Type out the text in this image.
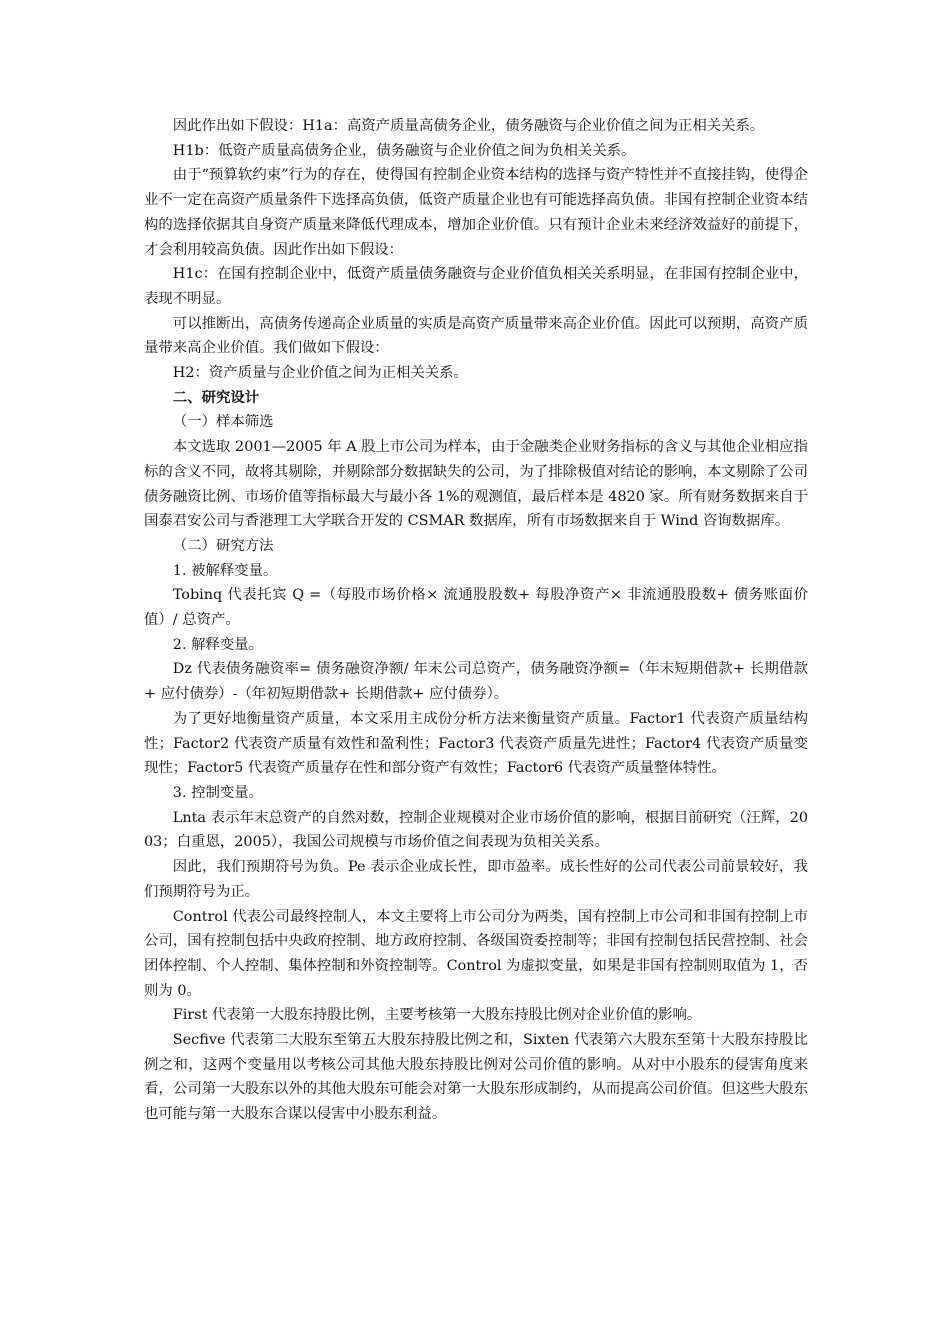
因此作出如下假设：H1a：高资产质量高债务企业，债务融资与企业价值之间为正相关关系。

H1b：低资产质量高债务企业，债务融资与企业价值之间为负相关关系。

由于“预算软约束”行为的存在，使得国有控制企业资本结构的选择与资产特性并不直接挂钩，使得企业不一定在高资产质量条件下选择高负债，低资产质量企业也有可能选择高负债。非国有控制企业资本结构的选择依据其自身资产质量来降低代理成本，增加企业价值。只有预计企业未来经济效益好的前提下，才会利用较高负债。因此作出如下假设：

H1c：在国有控制企业中，低资产质量债务融资与企业价值负相关关系明显，在非国有控制企业中，表现不明显。

可以推断出，高债务传递高企业质量的实质是高资产质量带来高企业价值。因此可以预期，高资产质量带来高企业价值。我们做如下假设：

H2：资产质量与企业价值之间为正相关关系。

二、研究设计

（一）样本筛选

本文选取 2001—2005 年 A 股上市公司为样本，由于金融类企业财务指标的含义与其他企业相应指标的含义不同，故将其剔除，并剔除部分数据缺失的公司，为了排除极值对结论的影响，本文剔除了公司债务融资比例、市场价值等指标最大与最小各 1%的观测值，最后样本是 4820 家。所有财务数据来自于国泰君安公司与香港理工大学联合开发的 CSMAR 数据库，所有市场数据来自于 Wind 咨询数据库。

（二）研究方法

1. 被解释变量。

Tobinq 代表托宾 Q =（每股市场价格× 流通股股数+ 每股净资产× 非流通股股数+ 债务账面价值）/ 总资产。

2. 解释变量。

Dz 代表债务融资率= 债务融资净额/ 年末公司总资产，债务融资净额=（年末短期借款+ 长期借款+ 应付债券）-（年初短期借款+ 长期借款+ 应付债券）。

为了更好地衡量资产质量，本文采用主成份分析方法来衡量资产质量。Factor1 代表资产质量结构性；Factor2 代表资产质量有效性和盈利性；Factor3 代表资产质量先进性；Factor4 代表资产质量变现性；Factor5 代表资产质量存在性和部分资产有效性；Factor6 代表资产质量整体特性。

3. 控制变量。

Lnta 表示年末总资产的自然对数，控制企业规模对企业市场价值的影响，根据目前研究（汪辉，2003；白重恩，2005），我国公司规模与市场价值之间表现为负相关关系。

因此，我们预期符号为负。Pe 表示企业成长性，即市盈率。成长性好的公司代表公司前景较好，我们预期符号为正。

Control 代表公司最终控制人，本文主要将上市公司分为两类，国有控制上市公司和非国有控制上市公司，国有控制包括中央政府控制、地方政府控制、各级国资委控制等；非国有控制包括民营控制、社会团体控制、个人控制、集体控制和外资控制等。Control 为虚拟变量，如果是非国有控制则取值为 1，否则为 0。

First 代表第一大股东持股比例，主要考核第一大股东持股比例对企业价值的影响。

Secfive 代表第二大股东至第五大股东持股比例之和，Sixten 代表第六大股东至第十大股东持股比例之和，这两个变量用以考核公司其他大股东持股比例对公司价值的影响。从对中小股东的侵害角度来看，公司第一大股东以外的其他大股东可能会对第一大股东形成制约，从而提高公司价值。但这些大股东也可能与第一大股东合谋以侵害中小股东利益。
